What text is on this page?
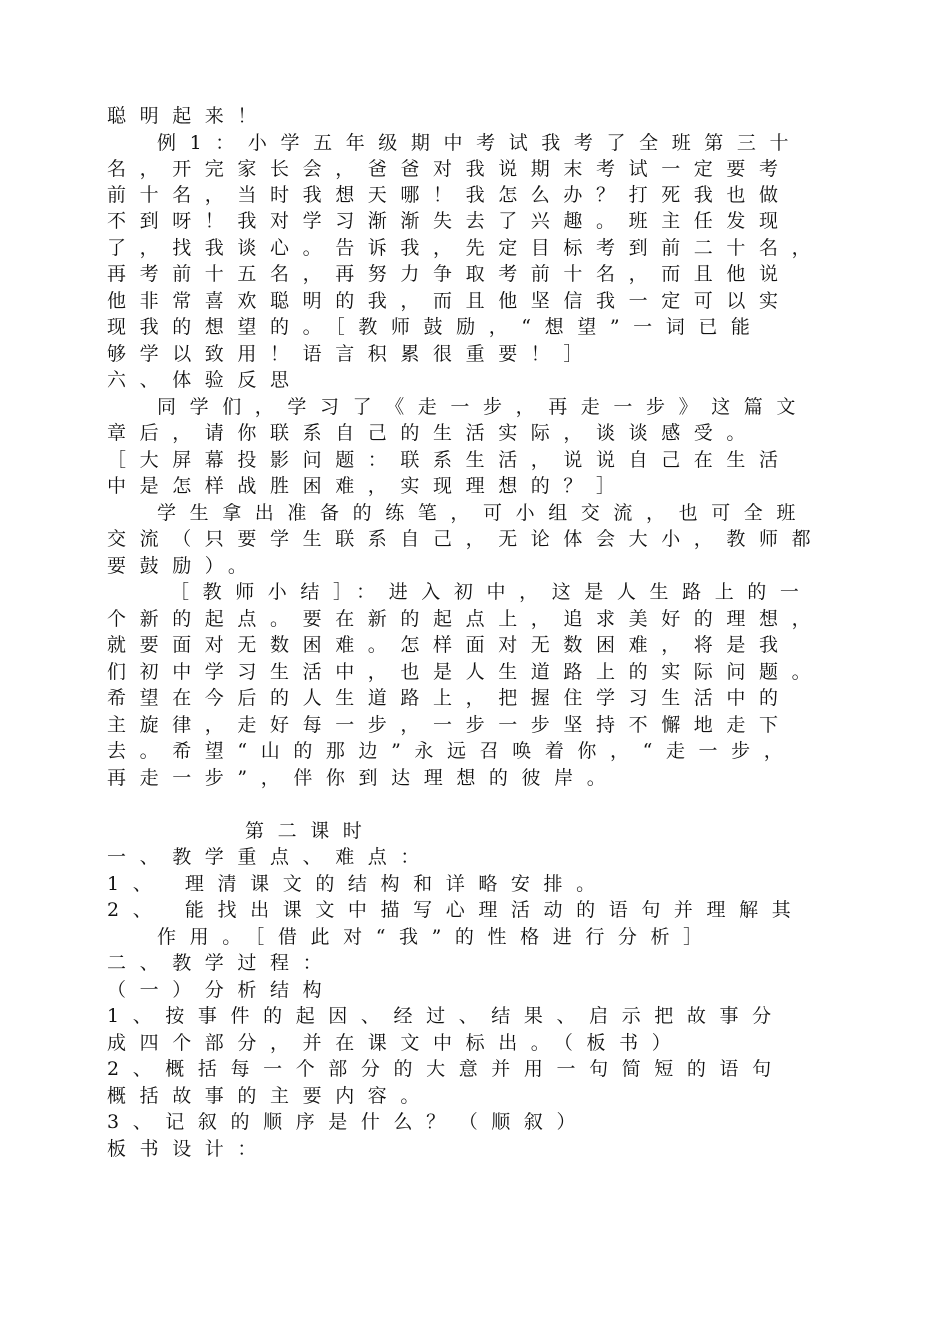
聪明起来！
例1：小学五年级期中考试我考了全班第三十
名，开完家长会，爸爸对我说期末考试一定要考
前十名，当时我想天哪！我怎么办？打死我也做
不到呀！我对学习渐渐失去了兴趣。班主任发现
了，找我谈心。告诉我，先定目标考到前二十名，
再考前十五名，再努力争取考前十名，而且他说
他非常喜欢聪明的我，而且他坚信我一定可以实
现我的想望的。［教师鼓励，“想望”一词已能
够学以致用！语言积累很重要！］
六、体验反思
同学们，学习了《走一步，再走一步》这篇文
章后，请你联系自己的生活实际，谈谈感受。
［大屏幕投影问题：联系生活，说说自己在生活
中是怎样战胜困难，实现理想的？］
学生拿出准备的练笔，可小组交流，也可全班
交流（只要学生联系自己，无论体会大小，教师都
要鼓励）。
［教师小结］：进入初中，这是人生路上的一
个新的起点。要在新的起点上，追求美好的理想，
就要面对无数困难。怎样面对无数困难，将是我
们初中学习生活中，也是人生道路上的实际问题。
希望在今后的人生道路上，把握住学习生活中的
主旋律，走好每一步，一步一步坚持不懈地走下
去。希望“山的那边”永远召唤着你，“走一步，
再走一步”，伴你到达理想的彼岸。
第二课时
一、教学重点、难点：
1、 理清课文的结构和详略安排。
2、 能找出课文中描写心理活动的语句并理解其
作用。［借此对“我”的性格进行分析］
二、教学过程：
（一）分析结构
1、按事件的起因、经过、结果、启示把故事分
成四个部分，并在课文中标出。（板书）
2、概括每一个部分的大意并用一句简短的语句
概括故事的主要内容。
3、记叙的顺序是什么？（顺叙）
板书设计：
